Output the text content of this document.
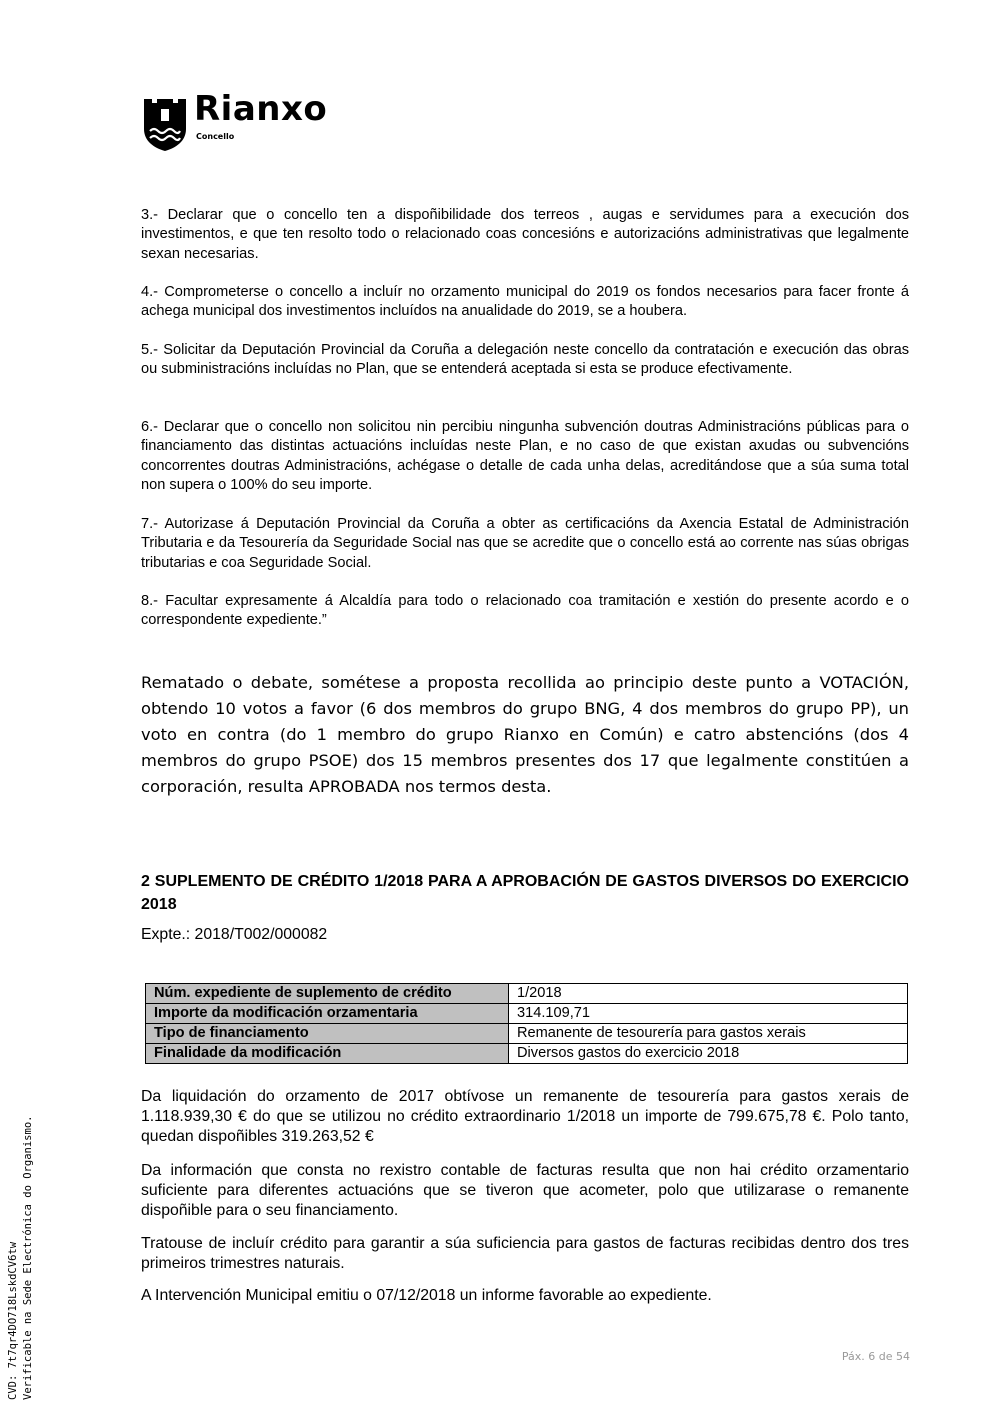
Rianxo
Concello

3.- Declarar que o concello ten a dispoñibilidade dos terreos , augas e servidumes para a execución dos investimentos, e que ten resolto todo o relacionado coas concesións e autorizacións administrativas que legalmente sexan necesarias.

4.- Comprometerse o concello a incluír no orzamento municipal do 2019 os fondos necesarios para facer fronte á achega municipal dos investimentos incluídos na anualidade do 2019, se a houbera.

5.- Solicitar da Deputación Provincial da Coruña a delegación neste concello da contratación e execución das obras ou subministracións incluídas no Plan, que se entenderá aceptada si esta se produce efectivamente.

6.- Declarar que o concello non solicitou nin percibiu ningunha subvención doutras Administracións públicas para o financiamento das distintas actuacións incluídas neste Plan, e no caso de que existan axudas ou subvencións concorrentes doutras Administracións, achégase o detalle de cada unha delas, acreditándose que a súa suma total non supera o 100% do seu importe.

7.- Autorizase á Deputación Provincial da Coruña a obter as certificacións da Axencia Estatal de Administración Tributaria e da Tesourería da Seguridade Social nas que se acredite que o concello está ao corrente nas súas obrigas tributarias e coa Seguridade Social.

8.- Facultar expresamente á Alcaldía para todo o relacionado coa tramitación e xestión do presente acordo e o correspondente expediente.”

Rematado o debate, sométese a proposta recollida ao principio deste punto a VOTACIÓN, obtendo 10 votos a favor (6 dos membros do grupo BNG, 4 dos membros do grupo PP), un voto en contra (do 1 membro do grupo Rianxo en Común) e catro abstencións (dos 4 membros do grupo PSOE) dos 15 membros presentes dos 17 que legalmente constitúen a corporación, resulta APROBADA nos termos desta.

2 SUPLEMENTO DE CRÉDITO 1/2018 PARA A APROBACIÓN DE GASTOS DIVERSOS DO EXERCICIO 2018

Expte.: 2018/T002/000082

Núm. expediente de suplemento de crédito	1/2018
Importe da modificación orzamentaria	314.109,71
Tipo de financiamento	Remanente de tesourería para gastos xerais
Finalidade da modificación	Diversos gastos do exercicio 2018

Da liquidación do orzamento de 2017 obtívose un remanente de tesourería para gastos xerais de 1.118.939,30 € do que se utilizou no crédito extraordinario 1/2018 un importe de 799.675,78 €. Polo tanto, quedan dispoñibles 319.263,52 €

Da información que consta no rexistro contable de facturas resulta que non hai crédito orzamentario suficiente para diferentes actuacións que se tiveron que acometer, polo que utilizarase o remanente dispoñible para o seu financiamento.

Tratouse de incluír crédito para garantir a súa suficiencia para gastos de facturas recibidas dentro dos tres primeiros trimestres naturais.

A Intervención Municipal emitiu o 07/12/2018 un informe favorable ao expediente.

Páx. 6 de 54
CVD: 7t7qr4DO718LskdCV6tw Verificable na Sede Electrónica do Organismo.
